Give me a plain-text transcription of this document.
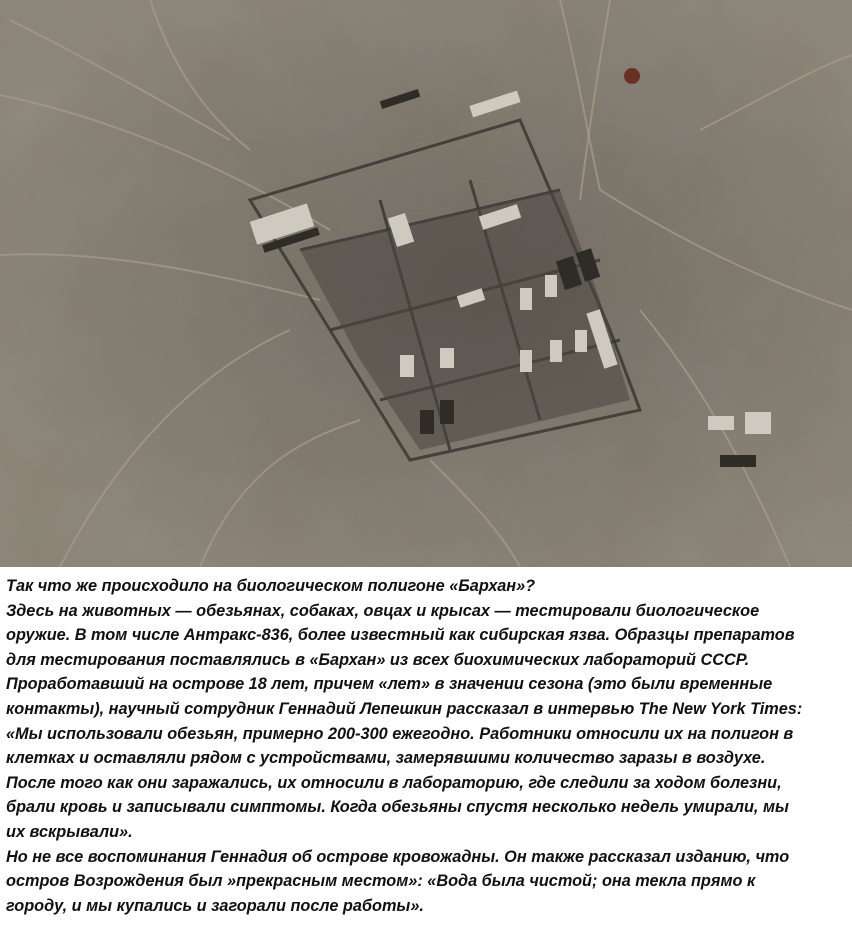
Так что же происходило на биологическом полигоне «Бархан»?
Здесь на животных — обезьянах, собаках, овцах и крысах — тестировали биологическое
оружие. В том числе Антракс-836, более известный как сибирская язва. Образцы препаратов
для тестирования поставлялись в «Бархан» из всех биохимических лабораторий СССР.
Проработавший на острове 18 лет, причем «лет» в значении сезона (это были временные
контакты), научный сотрудник Геннадий Лепешкин рассказал в интервью The New York Times:
«Мы использовали обезьян, примерно 200-300 ежегодно. Работники относили их на полигон в
клетках и оставляли рядом с устройствами, замерявшими количество заразы в воздухе.
После того как они заражались, их относили в лабораторию, где следили за ходом болезни,
брали кровь и записывали симптомы. Когда обезьяны спустя несколько недель умирали, мы
их вскрывали».
Но не все воспоминания Геннадия об острове кровожадны. Он также рассказал изданию, что
остров Возрождения был »прекрасным местом»: «Вода была чистой; она текла прямо к
городу, и мы купались и загорали после работы».
